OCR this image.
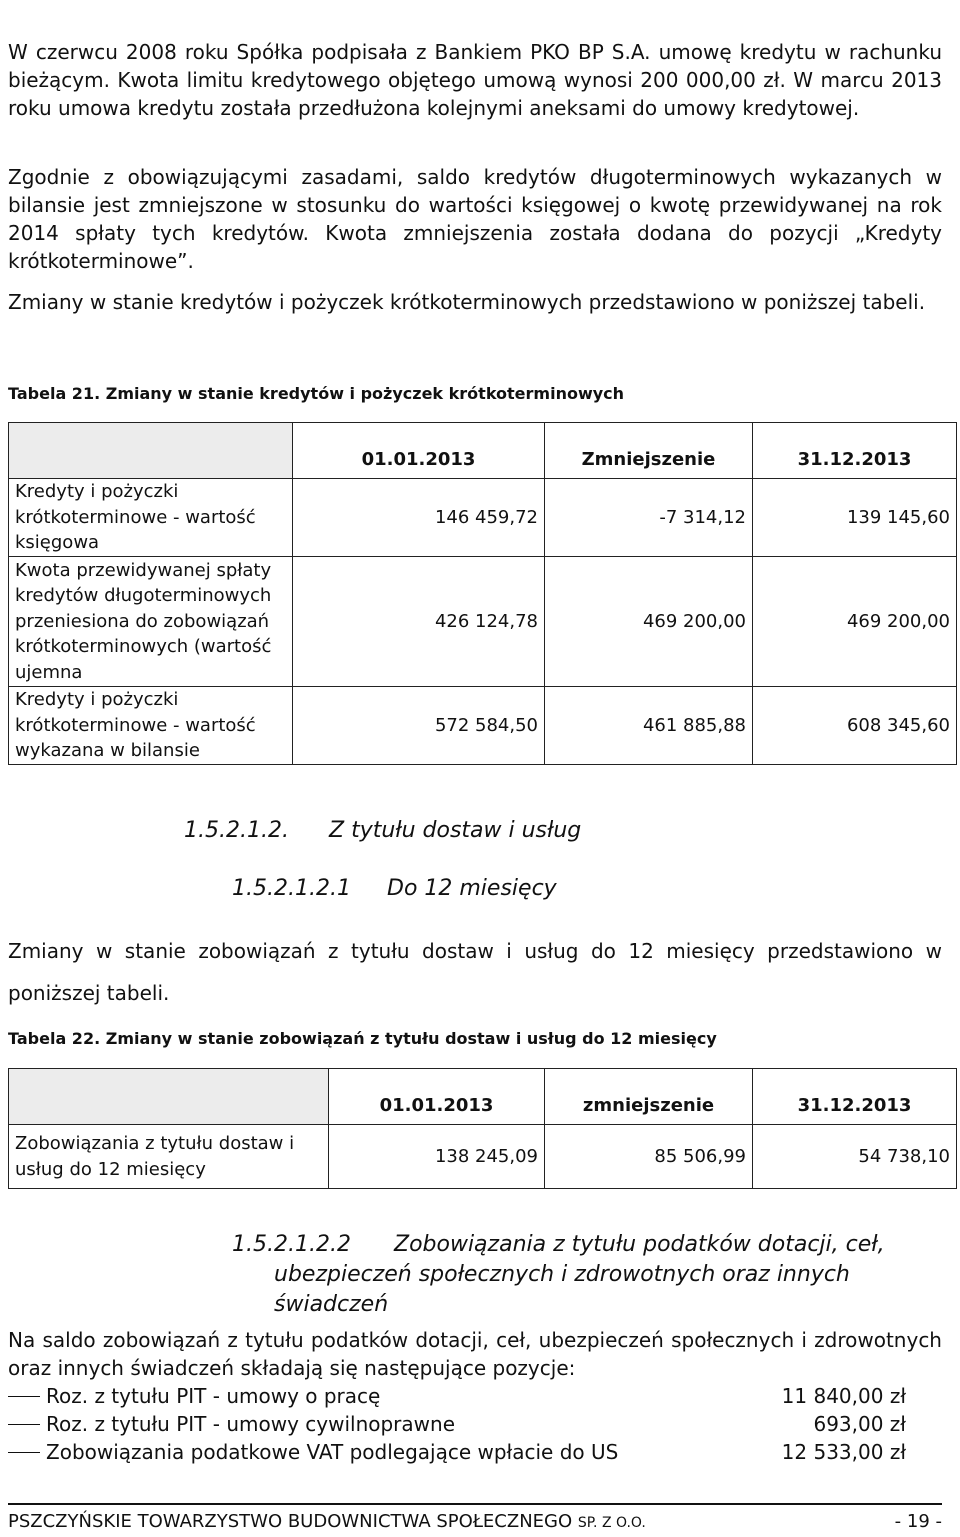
W czerwcu 2008 roku Spółka podpisała z Bankiem PKO BP S.A. umowę kredytu w rachunku bieżącym. Kwota limitu kredytowego objętego umową wynosi 200 000,00 zł. W marcu 2013 roku umowa kredytu została przedłużona kolejnymi aneksami do umowy kredytowej.

Zgodnie z obowiązującymi zasadami, saldo kredytów długoterminowych wykazanych w bilansie jest zmniejszone w stosunku do wartości księgowej o kwotę przewidywanej na rok 2014 spłaty tych kredytów. Kwota zmniejszenia została dodana do pozycji „Kredyty krótkoterminowe”.

Zmiany w stanie kredytów i pożyczek krótkoterminowych przedstawiono w poniższej tabeli.

Tabela 21. Zmiany w stanie kredytów i pożyczek krótkoterminowych

	01.01.2013	Zmniejszenie	31.12.2013
Kredyty i pożyczki krótkoterminowe - wartość księgowa	146 459,72	-7 314,12	139 145,60
Kwota przewidywanej spłaty kredytów długoterminowych przeniesiona do zobowiązań krótkoterminowych (wartość ujemna	426 124,78	469 200,00	469 200,00
Kredyty i pożyczki krótkoterminowe - wartość wykazana w bilansie	572 584,50	461 885,88	608 345,60
1.5.2.1.2. Z tytułu dostaw i usług
1.5.2.1.2.1 Do 12 miesięcy

Zmiany w stanie zobowiązań z tytułu dostaw i usług do 12 miesięcy przedstawiono w poniższej tabeli.

Tabela 22. Zmiany w stanie zobowiązań z tytułu dostaw i usług do 12 miesięcy

	01.01.2013	zmniejszenie	31.12.2013
Zobowiązania z tytułu dostaw i usług do 12 miesięcy	138 245,09	85 506,99	54 738,10
1.5.2.1.2.2 Zobowiązania z tytułu podatków dotacji, ceł,
ubezpieczeń społecznych i zdrowotnych oraz innych
świadczeń

Na saldo zobowiązań z tytułu podatków dotacji, ceł, ubezpieczeń społecznych i zdrowotnych oraz innych świadczeń składają się następujące pozycje:

Roz. z tytułu PIT - umowy o pracę	11 840,00 zł
Roz. z tytułu PIT - umowy cywilnoprawne	693,00 zł
Zobowiązania podatkowe VAT podlegające wpłacie do US	12 533,00 zł
PSZCZYŃSKIE TOWARZYSTWO BUDOWNICTWA SPOŁECZNEGO SP. Z O.O.	- 19 -
